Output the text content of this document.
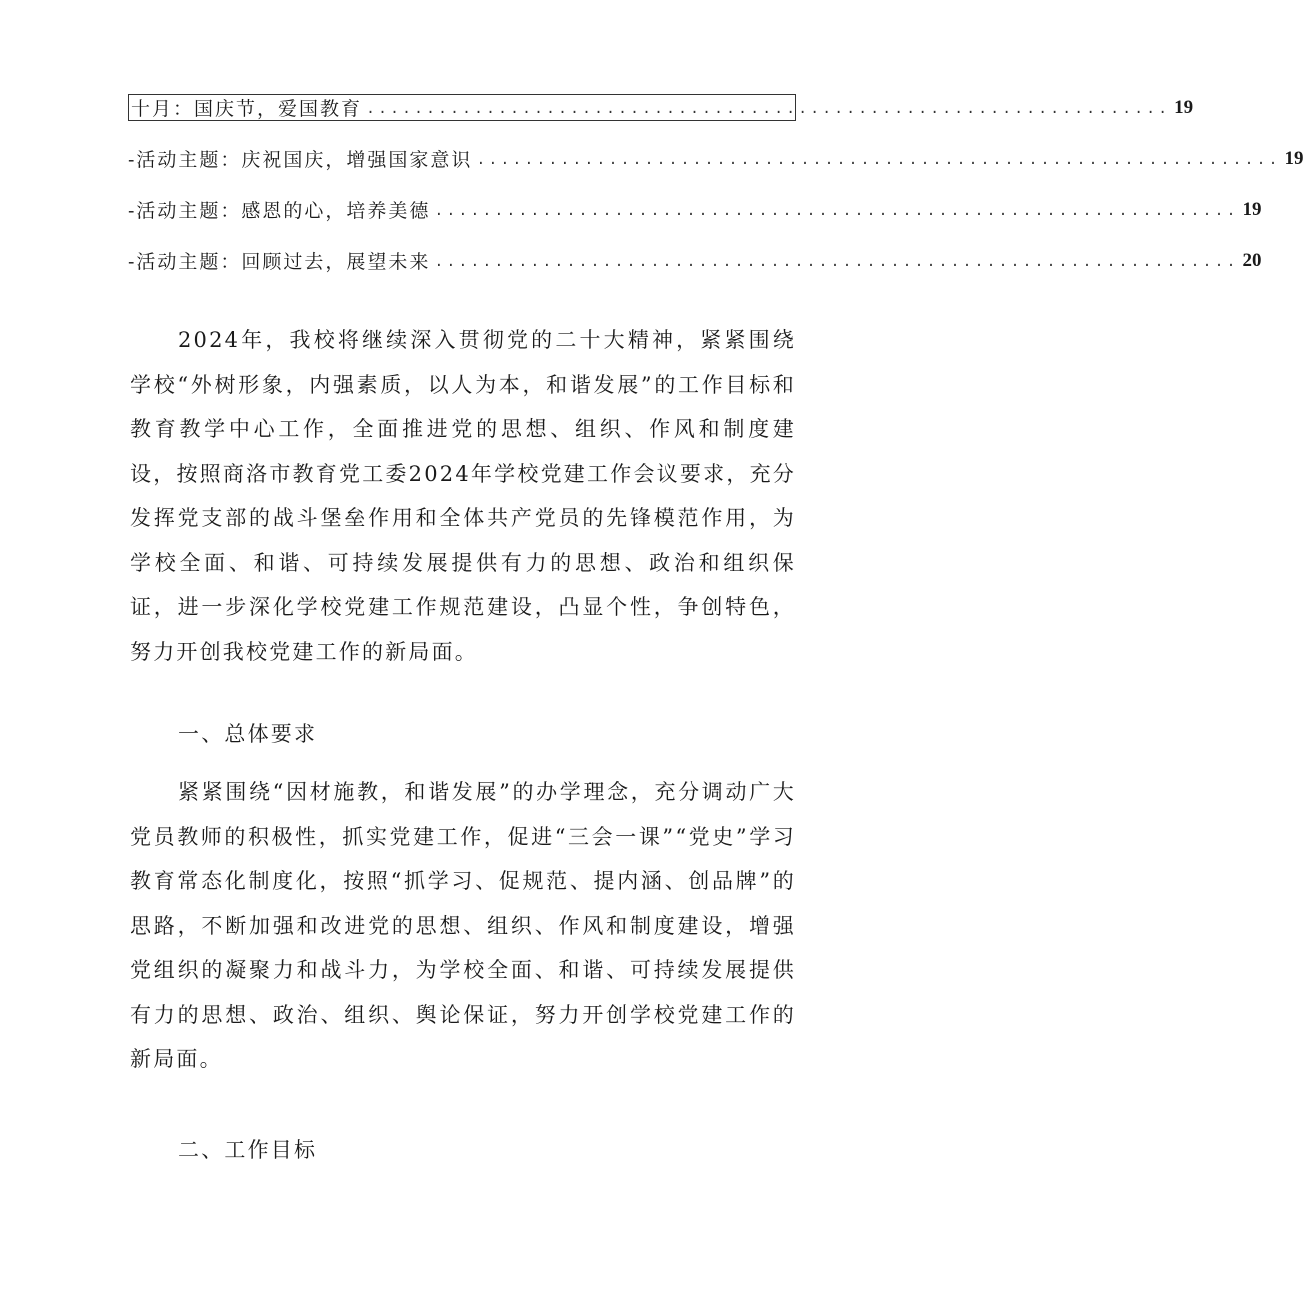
十月：国庆节，爱国教育 ................................................................... 19
-活动主题：庆祝国庆，增强国家意识 ................................................................... 19
-活动主题：感恩的心，培养美德 ................................................................... 19
-活动主题：回顾过去，展望未来 ................................................................... 20

2024年，我校将继续深入贯彻党的二十大精神，紧紧围绕学校“外树形象，内强素质，以人为本，和谐发展”的工作目标和教育教学中心工作，全面推进党的思想、组织、作风和制度建设，按照商洛市教育党工委2024年学校党建工作会议要求，充分发挥党支部的战斗堡垒作用和全体共产党员的先锋模范作用，为学校全面、和谐、可持续发展提供有力的思想、政治和组织保证，进一步深化学校党建工作规范建设，凸显个性，争创特色，努力开创我校党建工作的新局面。

一、总体要求

紧紧围绕“因材施教，和谐发展”的办学理念，充分调动广大党员教师的积极性，抓实党建工作，促进“三会一课”“党史”学习教育常态化制度化，按照“抓学习、促规范、提内涵、创品牌”的思路，不断加强和改进党的思想、组织、作风和制度建设，增强党组织的凝聚力和战斗力，为学校全面、和谐、可持续发展提供有力的思想、政治、组织、舆论保证，努力开创学校党建工作的新局面。

二、工作目标
